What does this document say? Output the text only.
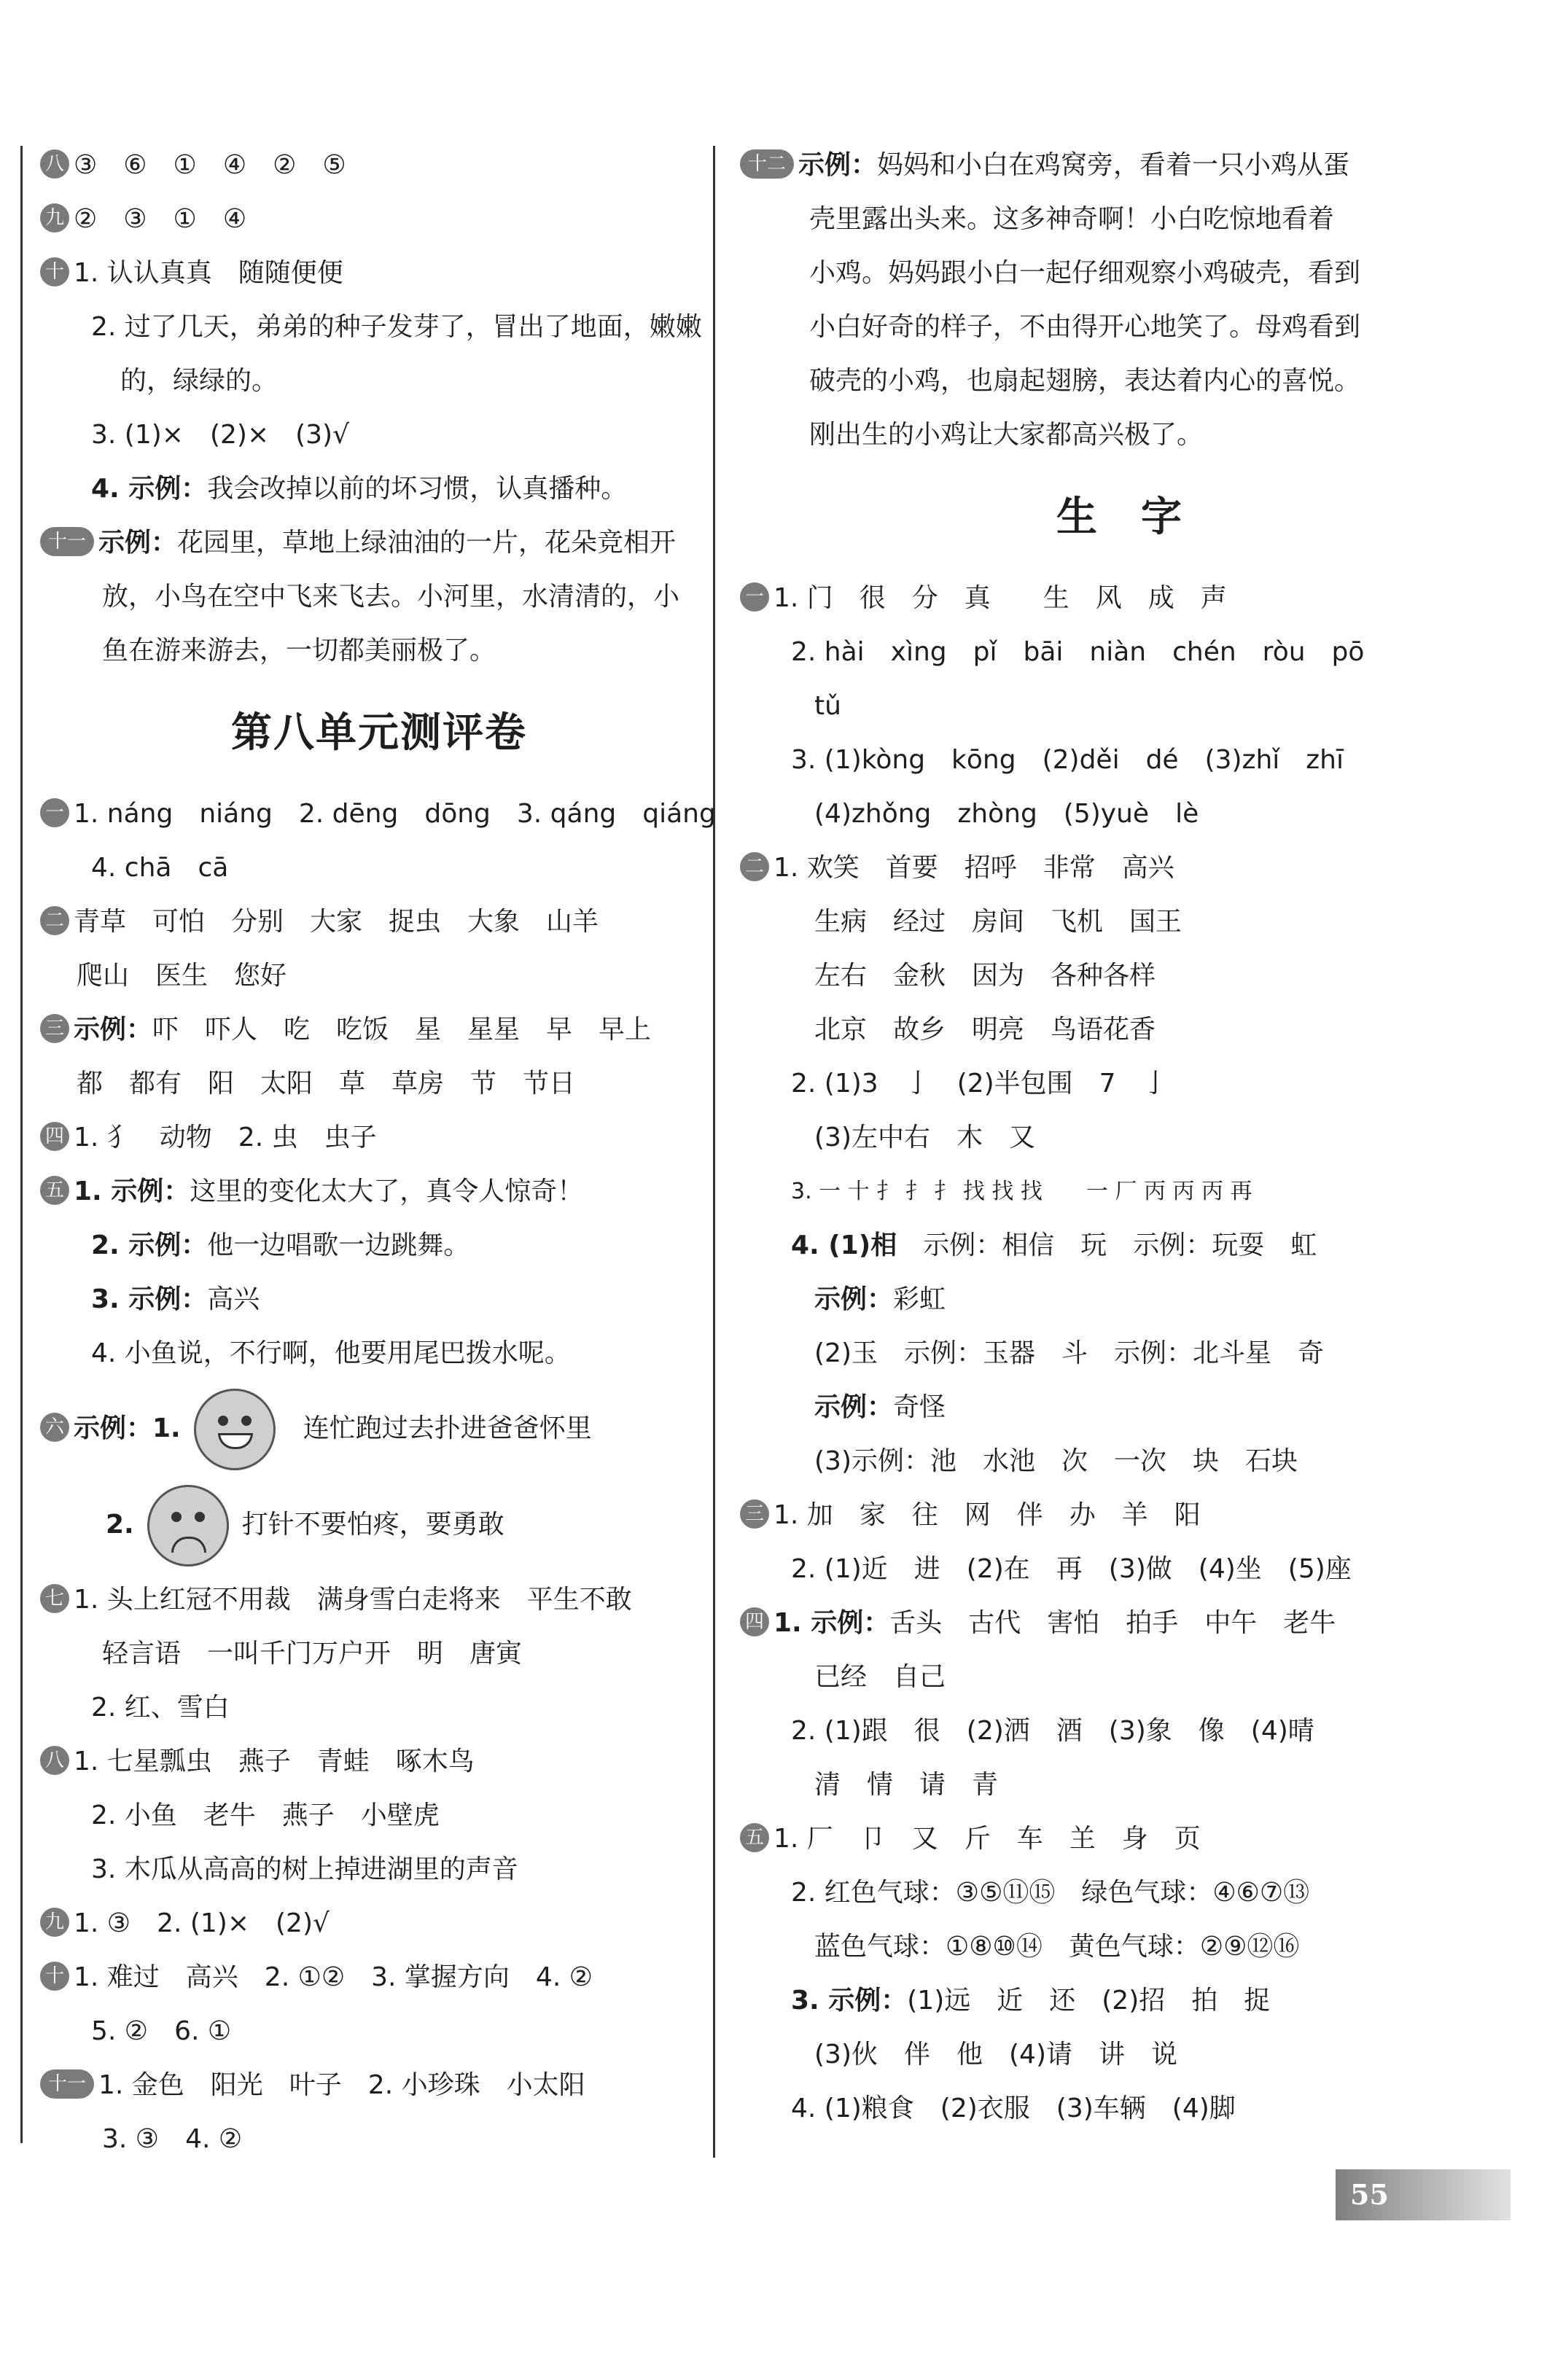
八 ③　⑥　①　④　②　⑤
九 ②　③　①　④
十 1. 认认真真　随随便便
2. 过了几天，弟弟的种子发芽了，冒出了地面，嫩嫩
的，绿绿的。
3. (1)×　(2)×　(3)√
4. 示例：我会改掉以前的坏习惯，认真播种。
十一 示例：花园里，草地上绿油油的一片，花朵竞相开
放，小鸟在空中飞来飞去。小河里，水清清的，小
鱼在游来游去，一切都美丽极了。
第八单元测评卷
一 1. náng　niáng　2. dēng　dōng　3. qáng　qiáng
4. chā　cā
二 青草　可怕　分别　大家　捉虫　大象　山羊
爬山　医生　您好
三 示例：吓　吓人　吃　吃饭　星　星星　早　早上
都　都有　阳　太阳　草　草房　节　节日
四 1. 犭　动物　2. 虫　虫子
五 1. 示例：这里的变化太大了，真令人惊奇！
2. 示例：他一边唱歌一边跳舞。
3. 示例：高兴
4. 小鱼说，不行啊，他要用尾巴拨水呢。
六 示例：1.	连忙跑过去扑进爸爸怀里
2.	打针不要怕疼，要勇敢
七 1. 头上红冠不用裁　满身雪白走将来　平生不敢
轻言语　一叫千门万户开　明　唐寅
2. 红、雪白
八 1. 七星瓢虫　燕子　青蛙　啄木鸟
2. 小鱼　老牛　燕子　小壁虎
3. 木瓜从高高的树上掉进湖里的声音
九 1. ③　2. (1)×　(2)√
十 1. 难过　高兴　2. ①②　3. 掌握方向　4. ②
5. ②　6. ①
十一 1. 金色　阳光　叶子　2. 小珍珠　小太阳
3. ③　4. ②
十二 示例：妈妈和小白在鸡窝旁，看着一只小鸡从蛋
壳里露出头来。这多神奇啊！小白吃惊地看着
小鸡。妈妈跟小白一起仔细观察小鸡破壳，看到
小白好奇的样子，不由得开心地笑了。母鸡看到
破壳的小鸡，也扇起翅膀，表达着内心的喜悦。
刚出生的小鸡让大家都高兴极了。
生字
一 1. 门　很　分　真　　生　风　成　声
2. hài　xìng　pǐ　bāi　niàn　chén　ròu　pō
tǔ
3. (1)kòng　kōng　(2)děi　dé　(3)zhǐ　zhī
(4)zhǒng　zhòng　(5)yuè　lè
二 1. 欢笑　首要　招呼　非常　高兴
生病　经过　房间　飞机　国王
左右　金秋　因为　各种各样
北京　故乡　明亮　鸟语花香
2. (1)3　亅　(2)半包围　7　亅
(3)左中右　木　又
3. 一 十 扌 扌 扌 找 找 找　　一 厂 丙 丙 丙 再
4. (1)相　示例：相信　玩　示例：玩耍　虹
示例：彩虹
(2)玉　示例：玉器　斗　示例：北斗星　奇
示例：奇怪
(3)示例：池　水池　次　一次　块　石块
三 1. 加　家　往　网　伴　办　羊　阳
2. (1)近　进　(2)在　再　(3)做　(4)坐　(5)座
四 1. 示例：舌头　古代　害怕　拍手　中午　老牛
已经　自己
2. (1)跟　很　(2)洒　酒　(3)象　像　(4)晴
清　情　请　青
五 1. 厂　卩　又　斤　车　𦍌　身　页
2. 红色气球：③⑤⑪⑮　绿色气球：④⑥⑦⑬
蓝色气球：①⑧⑩⑭　黄色气球：②⑨⑫⑯
3. 示例：(1)远　近　还　(2)招　拍　捉
(3)伙　伴　他　(4)请　讲　说
4. (1)粮食　(2)衣服　(3)车辆　(4)脚
55
